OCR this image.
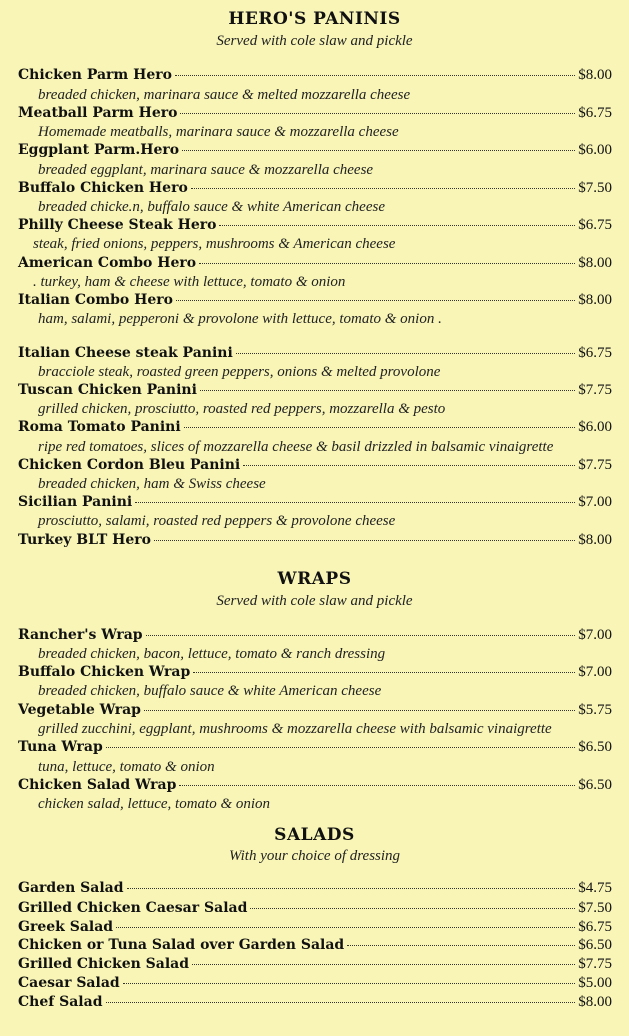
HERO'S PANINIS
Served with cole slaw and pickle
Chicken Parm Hero	$8.00
breaded chicken, marinara sauce & melted mozzarella cheese
Meatball Parm Hero	$6.75
Homemade meatballs, marinara sauce & mozzarella cheese
Eggplant Parm.Hero	$6.00
breaded eggplant, marinara sauce & mozzarella cheese
Buffalo Chicken Hero	$7.50
breaded chicke.n, buffalo sauce & white American cheese
Philly Cheese Steak Hero	$6.75
steak, fried onions, peppers, mushrooms & American cheese
American Combo Hero	$8.00
. turkey, ham & cheese with lettuce, tomato & onion
Italian Combo Hero	$8.00
ham, salami, pepperoni & provolone with lettuce, tomato & onion .
Italian Cheese steak Panini	$6.75
bracciole steak, roasted green peppers, onions & melted provolone
Tuscan Chicken Panini	$7.75
grilled chicken, prosciutto, roasted red peppers, mozzarella & pesto
Roma Tomato Panini	$6.00
ripe red tomatoes, slices of mozzarella cheese & basil drizzled in balsamic vinaigrette
Chicken Cordon Bleu Panini	$7.75
breaded chicken, ham & Swiss cheese
Sicilian Panini	$7.00
prosciutto, salami, roasted red peppers & provolone cheese
Turkey BLT Hero	$8.00
WRAPS
Served with cole slaw and pickle
Rancher's Wrap	$7.00
breaded chicken, bacon, lettuce, tomato & ranch dressing
Buffalo Chicken Wrap	$7.00
breaded chicken, buffalo sauce & white American cheese
Vegetable Wrap	$5.75
grilled zucchini, eggplant, mushrooms & mozzarella cheese with balsamic vinaigrette
Tuna Wrap	$6.50
tuna, lettuce, tomato & onion
Chicken Salad Wrap	$6.50
chicken salad, lettuce, tomato & onion
SALADS
With your choice of dressing
Garden Salad	$4.75
Grilled Chicken Caesar Salad	$7.50
Greek Salad	$6.75
Chicken or Tuna Salad over Garden Salad	$6.50
Grilled Chicken Salad	$7.75
Caesar Salad	$5.00
Chef Salad	$8.00
